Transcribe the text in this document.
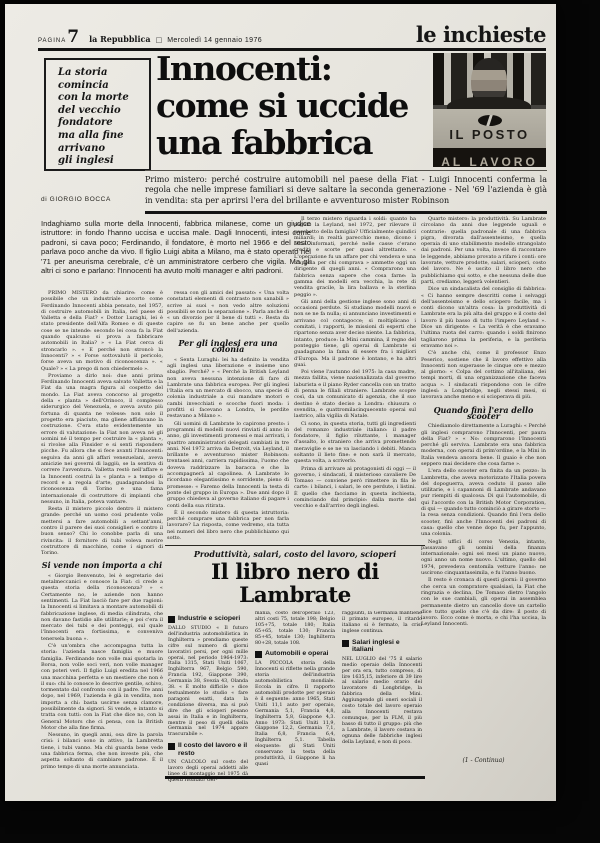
PAGINA 7 la Repubblica □ Mercoledì 14 gennaio 1976	le inchieste
La storia
comincia
con la morte
del vecchio
fondatore
ma alla fine
arrivano
gli inglesi
Innocenti:
come si uccide
una fabbrica	IL POSTO
AL LAVORO
Primo mistero: perché costruire automobili nel paese della Fiat - Luigi Innocenti conferma la regola che nelle imprese familiari si deve saltare la seconda generazione - Nel '69 l'azienda è già in vendita: sta per aprirsi l'era del brillante e avventuroso mister Robinson
di GIORGIO BOCCA
Indaghiamo sulla morte della Innocenti, fabbrica milanese, come un giudice istruttore: in fondo l'hanno uccisa e uccisa male. Dagli Innocenti, intesi come padroni, si cava poco; Ferdinando, il fondatore, è morto nel 1966 e del resto parlava poco anche da vivo. Il figlio Luigi abita a Milano, ma è stato operato nel '71 per aneurisma cerebrale, c'è un amministratore cerbero che vigila. Ma gli altri ci sono e parlano: l'Innocenti ha avuto molti manager e altri padroni.

PRIMO MISTERO da chiarire: come è possibile che un industriale accorto come Ferdinando Innocenti abbia pensato, nel 1957, di costruire automobili in Italia, nel paese di Valletta e della Fiat? « Dottor Luraghi, lei è stato presidente dell'Alfa Romeo e di queste cose se ne intende: secondo lei cosa fa la Fiat quando qualcuno si prova a fabbricare automobili in Italia? » « La Fiat cerca di stroncarlo ». « E perché non stroncò la Innocenti? » « Forse sottovalutò il pericolo, forse aveva un motivo di riconoscenza ». « Quale? » « La prego di non chiedermelo ».

Proviamo a dirlo noi: due anni prima Ferdinando Innocenti aveva salvato Valletta e la Fiat da una magra figura al cospetto del mondo. La Fiat aveva concorso al progetto della « planta » dell'Orinoco, il complesso siderurgico del Venezuela, e aveva avuto più fortuna di quanta ne volesse: non solo il progetto era piaciuto, ma gliene affidavano la costruzione. C'era stato evidentemente un errore di valutazione: la Fiat non aveva né gli uomini né il tempo per costruire la « planta », si rivolse alla Finsider e si sentì rispondere picche. Fu allora che si fece avanti l'Innocenti: seguiva da anni gli affari venezuelani, aveva amicizie nei governi di laggiù, se la sentiva di correre l'avventura. Valletta restò nell'affare e la Innocenti costruì la « planta » a tempo di record e a regola d'arte, guadagnandosi la riconoscenza di Torino e una fama internazionale di costruttore di impianti che nessuno, in Italia, poteva vantare.

Resta il mistero piccolo dentro il mistero grande: perché un uomo così prudente volle mettersi a fare automobili a settant'anni, contro il parere dei suoi consiglieri e contro il buon senso? Chi lo conobbe parla di una rivincita: il fornitore di tubi voleva morire costruttore di macchine, come i signori di Torino.

Si vende non importa a chi

« Giorgio Benvenuto, lei è segretario dei metalmeccanici e conosce la Fiat: ci crede a questa storia della riconoscenza? » « Certamente no, le aziende non hanno sentimenti. La Fiat lasciò fare per due ragioni: la Innocenti si limitava a montare automobili di fabbricazione inglese, di media cilindrata, che non davano fastidio alle utilitarie; e poi c'era il mercato dei tubi e dei ponteggi, sul quale l'Innocenti era fortissima, e conveniva tenersela buona ».

C'è un'ombra che accompagna tutta la storia: l'azienda nasce famiglia e muore famiglia. Ferdinando non volle mai quotarla in Borsa, non volle soci veri, non volle manager con poteri veri. Il figlio Luigi eredita nel 1966 una macchina perfetta e un mestiere che non è il suo: chi lo conosce lo descrive gentile, schivo, tormentato dal confronto con il padre. Tre anni dopo, nel 1969, l'azienda è già in vendita, non importa a chi: basta uscirne senza clamore, possibilmente da signori. Si vende, e intanto si tratta con tutti: con la Fiat che dice no, con la General Motors che ci pensa, con la British Motor che alla fine firma.

Nessuno, in quegli anni, osa dire la parola crisi: i bilanci sono in attivo, la Lambretta tiene, i tubi vanno. Ma chi guarda bene vede una fabbrica ferma, che non investe più, che aspetta soltanto di cambiare padrone. È il primo tempo di una morte annunciata.

ressa con gli amici del passato: « Una volta constatati elementi di contrasto non sanabili » scrive ai suoi « non vedo altre soluzioni possibili se non la separazione ». Parla anche di « un divorzio per il bene di tutti ». Resta da capire se fu un bene anche per quello dell'azienda.

Per gli inglesi era una colonia

« Senta Luraghi: lei ha definito la vendita agli inglesi una liberazione e insieme uno sbaglio. Perché? » « Perché la British Leyland non aveva nessuna intenzione di fare di Lambrate una fabbrica europea. Per gli inglesi l'Italia era un mercato di sbocco, una specie di colonia industriale a cui mandare motori e cambi invecchiati e scocche fuori moda: i profitti si facevano a Londra, le perdite restavano a Milano ».

Gli uomini di Lambrate lo capirono presto: i programmi di modelli nuovi rinviati di anno in anno, gli investimenti promessi e mai arrivati, i quattro amministratori delegati cambiati in tre anni. Nel 1972 arriva da Detroit, via Leyland, il brillante e avventuroso mister Robinson: trentasei anni, carriera rapidissima, l'uomo che doveva raddrizzare la baracca e che la accompagnerà al capolinea. A Lambrate lo ricordano elegantissimo e sorridente, pieno di promesse: « Faremo della Innocenti la testa di ponte del gruppo in Europa ». Due anni dopo il gruppo chiedeva al governo italiano di pagare i conti della sua ritirata.

È il secondo mistero di questa istruttoria: perché comprare una fabbrica per non farla lavorare? La risposta, come vedremo, sta tutta nei numeri del libro nero che pubblichiamo qui sotto.

Il terzo mistero riguarda i soldi: quanto ha pagato la Leyland, nel 1972, per rilevare il pacchetto della famiglia? Ufficialmente quindici miliardi; in realtà parecchio meno, dicono i bene informati, perché nelle casse c'erano crediti e scorte per quasi altrettanto. « L'operazione fu un affare per chi vendeva e una trappola per chi comprava » ammette oggi un dirigente di quegli anni. « Comprarono una fabbrica senza sapere che cosa farne: la gamma dei modelli era vecchia, la rete di vendita gracile, la lira ballava e la sterlina peggio ».

Gli anni della gestione inglese sono anni di occasioni perdute. Si studiano modelli nuovi e non se ne fa nulla; si annunciano investimenti e arrivano col contagocce; si moltiplicano i comitati, i rapporti, le missioni di esperti che ripartono senza aver deciso niente. La fabbrica, intanto, produce: la Mini cammina, il regno del ponteggio tiene, gli operai di Lambrate si guadagnano la fama di essere fra i migliori d'Europa. Ma il padrone è lontano, e ha altri guai.

Poi viene l'autunno del 1975: la casa madre, mezza fallita, viene nazionalizzata dal governo laburista e il piano Ryder cancella con un tratto di penna le filiali straniere. Lambrate scopre così, da un comunicato di agenzia, che il suo destino è stato deciso a Londra: chiusura o svendita, e quattromilacinquecento operai sul lastrico, alla vigilia di Natale.

Ci sono, in questa storia, tutti gli ingredienti del romanzo industriale italiano: il padre fondatore, il figlio riluttante, i manager d'assalto, lo straniero che arriva promettendo meraviglie e se ne va lasciando i debiti. Manca soltanto il lieto fine: e non sarà il mercato, questa volta, a scriverlo.

Prima di arrivare ai protagonisti di oggi — il governo, i sindacati, il misterioso cavaliere De Tomaso — conviene però rimettere in fila le carte: i bilanci, i salari, le ore perdute, i listini. È quello che facciamo in questa inchiesta, cominciando dal principio: dalla morte del vecchio e dall'arrivo degli inglesi.

Quarto mistero: la produttività. Su Lambrate circolano da anni due leggende uguali e contrarie: quella padronale di una fabbrica pigra, divorata dall'assenteismo, e quella operaia di uno stabilimento modello strangolato dai padroni. Per una volta, invece di raccontare le leggende, abbiamo provato a rifare i conti: ore lavorate, vetture prodotte, salari, scioperi, costo del lavoro. Ne è uscito il libro nero che pubblichiamo qui sotto, e che nessuna delle due parti, crediamo, leggerà volentieri.

Dice un sindacalista del consiglio di fabbrica: « Ci hanno sempre descritti come i selvaggi dell'assenteismo e dello sciopero facile, ma i conti dicono un'altra cosa: la produttività di Lambrate era la più alta del gruppo e il costo del lavoro il più basso di tutto l'impero Leyland ». Dice un dirigente: « La verità è che eravamo l'ultima ruota del carro: quando i soldi finirono tagliarono prima la periferia, e la periferia eravamo noi ».

C'è anche chi, come il professor Enzo Peserico, sostiene che il lavoro effettivo alla Innocenti non superasse le cinque ore e mezzo al giorno: « Colpa del cottimo all'italiana, dei tempi morti, di una organizzazione che faceva acqua ». I sindacati rispondono con le cifre inglesi: a Longbridge, negli stessi mesi, si lavorava anche meno e si scioperava di più.

Quando finì l'era dello scooter

Chiediamolo direttamente a Luraghi: « Perché gli inglesi comprarono l'Innocenti, per paura della Fiat? » « No: comprarono l'Innocenti perché gli serviva. Lambrate era una fabbrica moderna, con operai di prim'ordine, e la Mini in Italia vendeva ancora bene. Il guaio è che non seppero mai decidere che cosa farne ».

L'era dello scooter era finita da un pezzo: la Lambretta, che aveva motorizzato l'Italia povera del dopoguerra, aveva ceduto il passo alle utilitarie, e i capannoni di Lambrate andavano pur riempiti di qualcosa. Di qui l'automobile, di qui l'accordo con la British Motor Corporation, di qui — quando tutto cominciò a girare storto — la resa senza condizioni. Quando finì l'era dello scooter, finì anche l'Innocenti dei padroni di casa: quello che venne dopo fu, per l'appunto, una colonia.

Negli uffici di corso Venezia, intanto, passavano gli uomini della finanza internazionale: ogni sei mesi un piano nuovo, ogni anno un nome nuovo. L'ultimo, quello del 1974, prevedeva centomila vetture l'anno: ne uscirono cinquantaseimila, e fu l'anno buono.

Il resto è cronaca di questi giorni: il governo che cerca un compratore qualsiasi, la Fiat che ringrazia e declina, De Tomaso dietro l'angolo con le sue cambiali, gli operai in assemblea permanente dietro un cancello dove un cartello dice tutto quello che c'è da dire: il posto di lavoro. Ecco come è morta, e chi l'ha uccisa, la Leyland Innocenti.

(1 - Continua)
Produttività, salari, costo del lavoro, scioperi
Il libro nero di Lambrate
Industrie e scioperi

DALLO STUDIO « Il futuro dell'industria automobilistica in Inghilterra » prendiamo queste cifre sul numero di giorni lavorativi persi, per ogni mille operai, nel periodo 1964-1973: Italia 1315, Stati Uniti 1067, Inghilterra 967, Belgio 590, Francia 192, Giappone 390, Germania 38, Svezia 43, Olanda 38. « È molto difficile » dice testualmente lo studio « fare paragoni esatti, data la condizione diversa, ma si può dire che gli scioperi pesano assai in Italia e in Inghilterra, mentre il peso di quelli della Germania nel 1974 appare trascurabile ».

Il costo del lavoro e il resto

UN CALCOLO sul costo del lavoro degli operai addetti alle linee di montaggio nel 1975 dà questi risultati: Ger-

mania, costo dell'operaio 123, altri costi 75, totale 198; Belgio 105+75, totale 180; Italia 65+65, totale 130; Francia 85+45, totale 130; Inghilterra 80+28, totale 108.

Automobili e operai

LA PICCOLA storia della Innocenti si riflette nella grande storia dell'industria automobilistica mondiale. Eccola in cifre. Il rapporto automobili prodotte per operaio è il seguente: anno 1965, Stati Uniti 11,1 auto per operaio, Germania 5,1, Francia 4,8, Inghilterra 5,8, Giappone 4,3. Anno 1973: Stati Uniti 11,9, Giappone 12,2, Germania 7,1, Italia 6,8, Francia 6,4, Inghilterra 5,1. Tabella eloquente: gli Stati Uniti conservano la testa della produttività, il Giappone li ha quasi

raggiunti, la Germania mantiene il primato europeo, il ritardo italiano si è fermato, la crisi inglese continua.

Salari inglesi e italiani

NEL LUGLIO del '75 il salario medio operaio della Innocenti per ora era, tutto compreso, di lire 1635,15, inferiore di 39 lire al salario medio orario del lavoratore di Longbridge, la fabbrica della Mini. Aggiungendo gli oneri sociali il costo totale del lavoro operaio alla Innocenti restava comunque, per la FLM, il più basso di tutto il gruppo: più che a Lambrate, il lavoro costava in ognuna delle fabbriche inglesi della Leyland, e non di poco.
